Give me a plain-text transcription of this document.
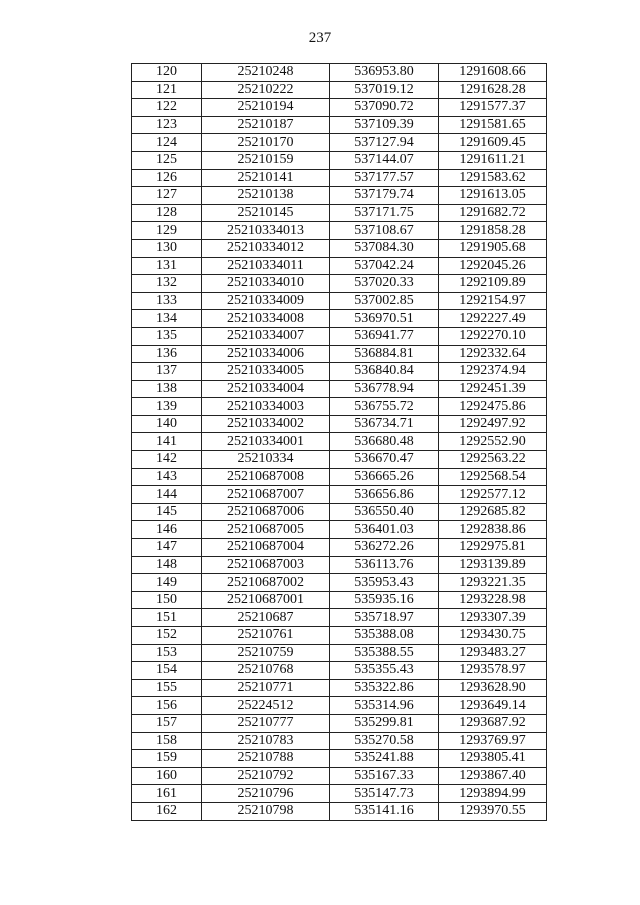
237
120	25210248	536953.80	1291608.66
121	25210222	537019.12	1291628.28
122	25210194	537090.72	1291577.37
123	25210187	537109.39	1291581.65
124	25210170	537127.94	1291609.45
125	25210159	537144.07	1291611.21
126	25210141	537177.57	1291583.62
127	25210138	537179.74	1291613.05
128	25210145	537171.75	1291682.72
129	25210334013	537108.67	1291858.28
130	25210334012	537084.30	1291905.68
131	25210334011	537042.24	1292045.26
132	25210334010	537020.33	1292109.89
133	25210334009	537002.85	1292154.97
134	25210334008	536970.51	1292227.49
135	25210334007	536941.77	1292270.10
136	25210334006	536884.81	1292332.64
137	25210334005	536840.84	1292374.94
138	25210334004	536778.94	1292451.39
139	25210334003	536755.72	1292475.86
140	25210334002	536734.71	1292497.92
141	25210334001	536680.48	1292552.90
142	25210334	536670.47	1292563.22
143	25210687008	536665.26	1292568.54
144	25210687007	536656.86	1292577.12
145	25210687006	536550.40	1292685.82
146	25210687005	536401.03	1292838.86
147	25210687004	536272.26	1292975.81
148	25210687003	536113.76	1293139.89
149	25210687002	535953.43	1293221.35
150	25210687001	535935.16	1293228.98
151	25210687	535718.97	1293307.39
152	25210761	535388.08	1293430.75
153	25210759	535388.55	1293483.27
154	25210768	535355.43	1293578.97
155	25210771	535322.86	1293628.90
156	25224512	535314.96	1293649.14
157	25210777	535299.81	1293687.92
158	25210783	535270.58	1293769.97
159	25210788	535241.88	1293805.41
160	25210792	535167.33	1293867.40
161	25210796	535147.73	1293894.99
162	25210798	535141.16	1293970.55
